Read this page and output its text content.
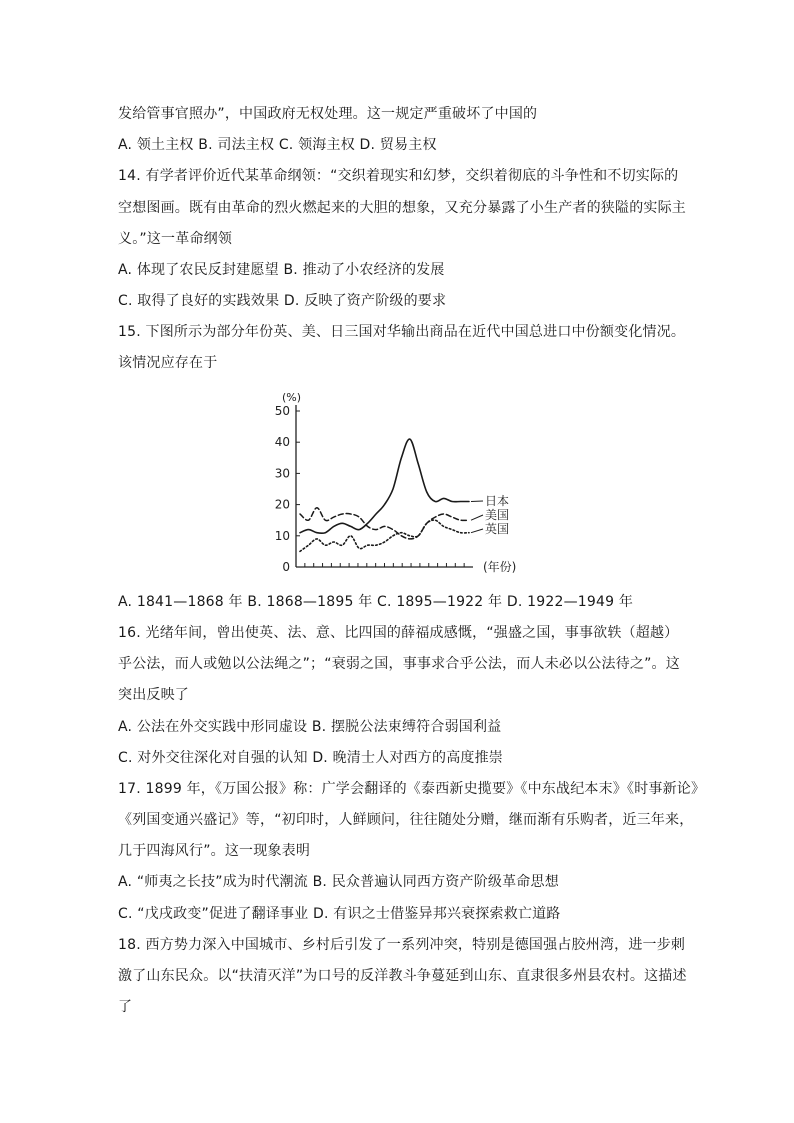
发给管事官照办”，中国政府无权处理。这一规定严重破坏了中国的
A. 领土主权 B. 司法主权 C. 领海主权 D. 贸易主权
14. 有学者评价近代某革命纲领：“交织着现实和幻梦，交织着彻底的斗争性和不切实际的
空想图画。既有由革命的烈火燃起来的大胆的想象，又充分暴露了小生产者的狭隘的实际主
义。”这一革命纲领
A. 体现了农民反封建愿望 B. 推动了小农经济的发展
C. 取得了良好的实践效果 D. 反映了资产阶级的要求
15. 下图所示为部分年份英、美、日三国对华输出商品在近代中国总进口中份额变化情况。
该情况应存在于
0
10
20
30
40
50
(%)
(年份)
日本
美国
英国
A. 1841—1868 年 B. 1868—1895 年 C. 1895—1922 年 D. 1922—1949 年
16. 光绪年间，曾出使英、法、意、比四国的薛福成感慨，“强盛之国，事事欲轶（超越）
乎公法，而人或勉以公法绳之”；“衰弱之国，事事求合乎公法，而人未必以公法待之”。这
突出反映了
A. 公法在外交实践中形同虚设 B. 摆脱公法束缚符合弱国利益
C. 对外交往深化对自强的认知 D. 晚清士人对西方的高度推崇
17. 1899 年，《万国公报》称：广学会翻译的《泰西新史揽要》《中东战纪本末》《时事新论》
《列国变通兴盛记》等，“初印时，人鲜顾问，往往随处分赠，继而渐有乐购者，近三年来，
几于四海风行”。这一现象表明
A. “师夷之长技”成为时代潮流 B. 民众普遍认同西方资产阶级革命思想
C. “戊戌政变”促进了翻译事业 D. 有识之士借鉴异邦兴衰探索救亡道路
18. 西方势力深入中国城市、乡村后引发了一系列冲突，特别是德国强占胶州湾，进一步刺
激了山东民众。以“扶清灭洋”为口号的反洋教斗争蔓延到山东、直隶很多州县农村。这描述
了
